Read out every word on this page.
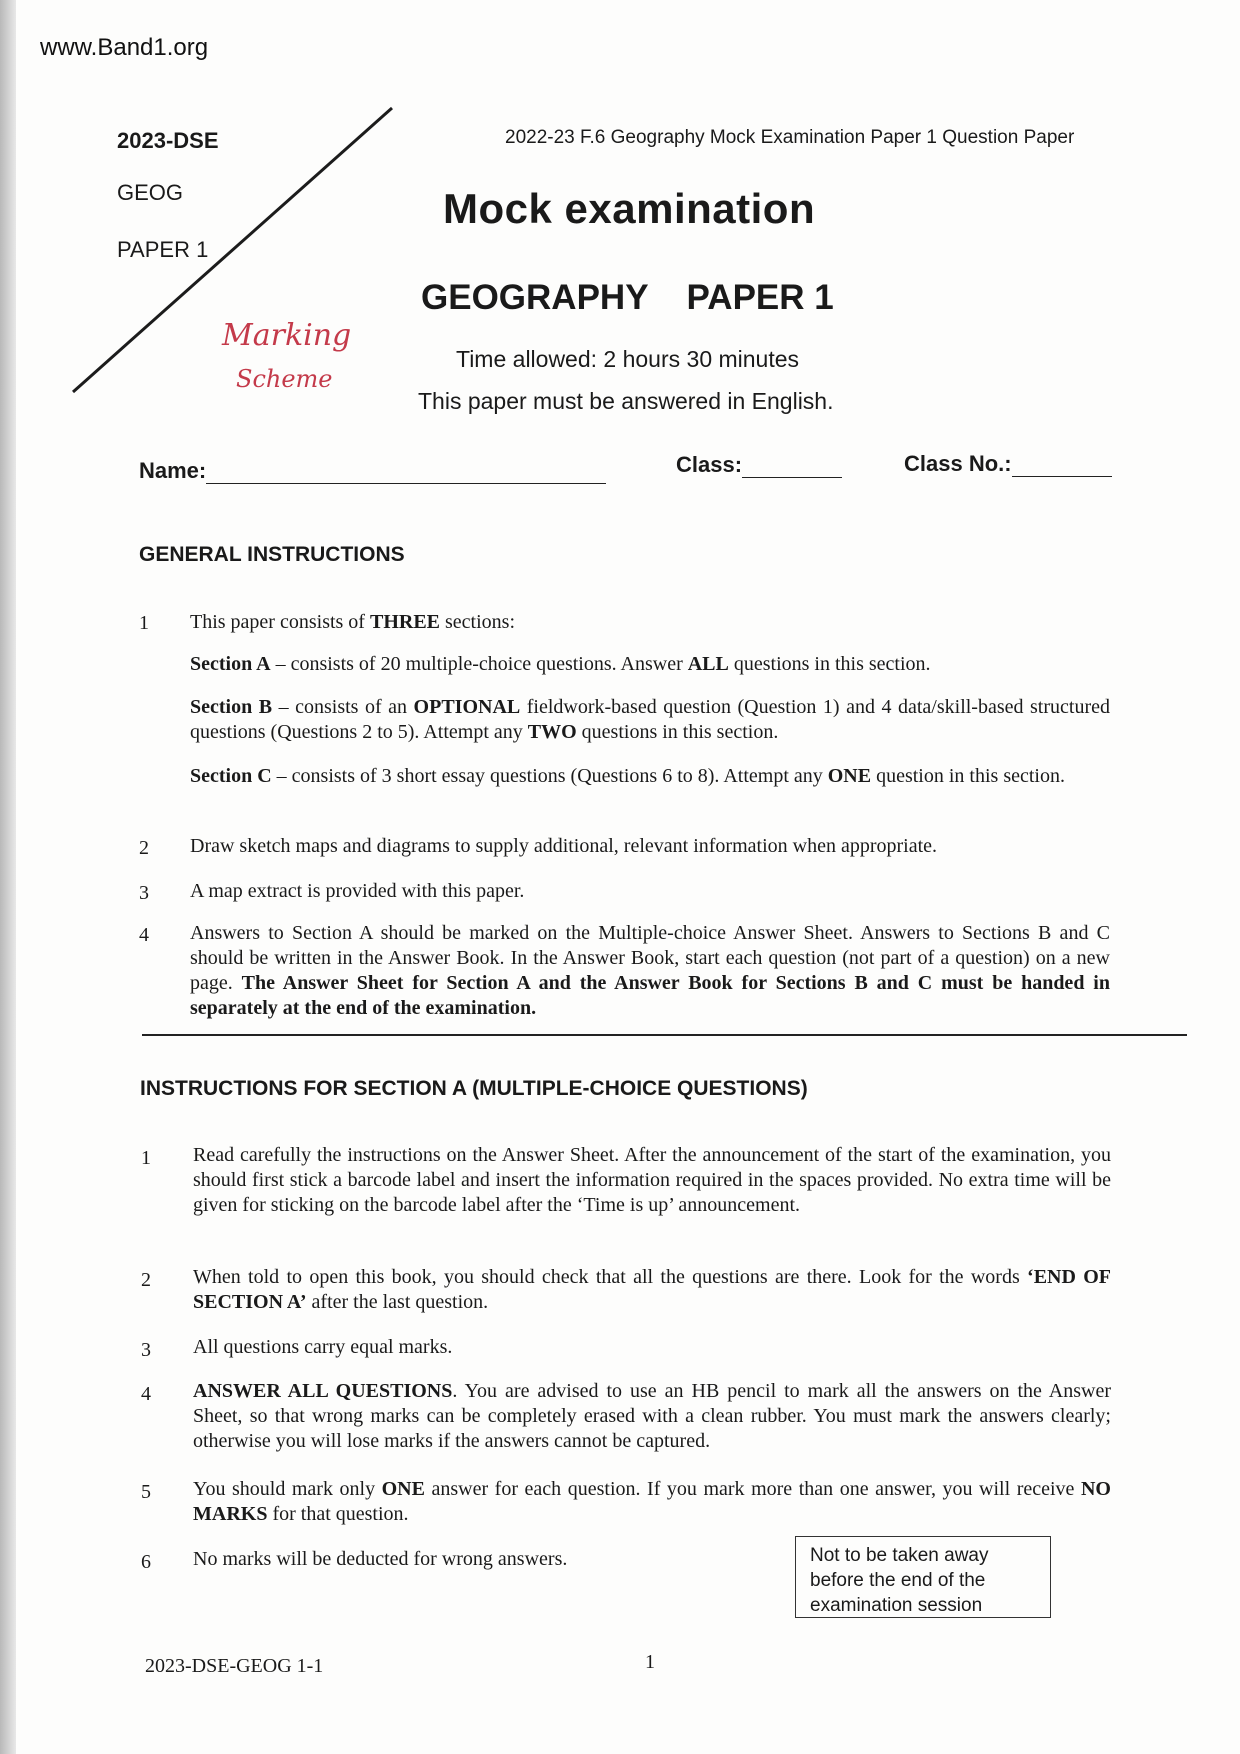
www.Band1.org
2023-DSE
GEOG
PAPER 1
Marking
Scheme
2022-23 F.6 Geography Mock Examination Paper 1 Question Paper
Mock examination
GEOGRAPHY PAPER 1
Time allowed: 2 hours 30 minutes
This paper must be answered in English.
Name:	Class:	Class No.:
GENERAL INSTRUCTIONS
1 This paper consists of THREE sections:
Section A – consists of 20 multiple-choice questions. Answer ALL questions in this section.
Section B – consists of an OPTIONAL fieldwork-based question (Question 1) and 4 data/skill-based structured questions (Questions 2 to 5). Attempt any TWO questions in this section.
Section C – consists of 3 short essay questions (Questions 6 to 8). Attempt any ONE question in this section.
2 Draw sketch maps and diagrams to supply additional, relevant information when appropriate.
3 A map extract is provided with this paper.
4 Answers to Section A should be marked on the Multiple-choice Answer Sheet. Answers to Sections B and C should be written in the Answer Book. In the Answer Book, start each question (not part of a question) on a new page. The Answer Sheet for Section A and the Answer Book for Sections B and C must be handed in separately at the end of the examination.
INSTRUCTIONS FOR SECTION A (MULTIPLE-CHOICE QUESTIONS)
1 Read carefully the instructions on the Answer Sheet. After the announcement of the start of the examination, you should first stick a barcode label and insert the information required in the spaces provided. No extra time will be given for sticking on the barcode label after the ‘Time is up’ announcement.
2 When told to open this book, you should check that all the questions are there. Look for the words ‘END OF SECTION A’ after the last question.
3 All questions carry equal marks.
4 ANSWER ALL QUESTIONS. You are advised to use an HB pencil to mark all the answers on the Answer Sheet, so that wrong marks can be completely erased with a clean rubber. You must mark the answers clearly; otherwise you will lose marks if the answers cannot be captured.
5 You should mark only ONE answer for each question. If you mark more than one answer, you will receive NO MARKS for that question.
6 No marks will be deducted for wrong answers.	Not to be taken away before the end of the examination session
2023-DSE-GEOG 1-1	1
